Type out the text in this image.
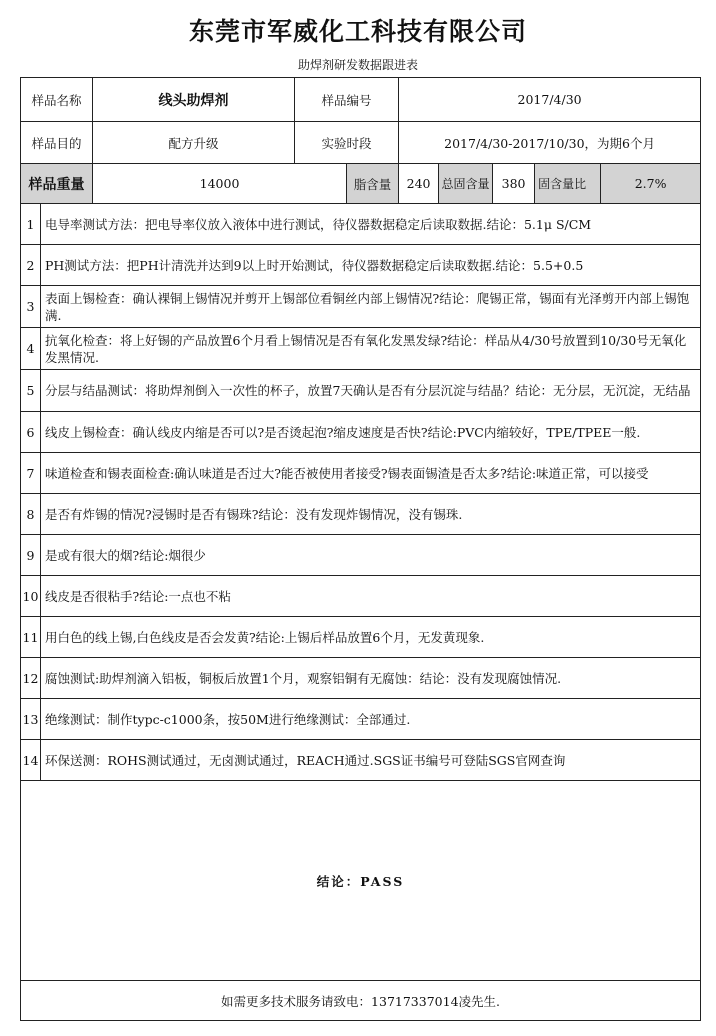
东莞市军威化工科技有限公司
助焊剂研发数据跟进表
样品名称		线头助焊剂	样品编号		2017/4/30				
样品目的		配方升级	实验时段		2017/4/30-2017/10/30，为期6个月				
样品重量		14000		脂含量	240	总固含量	380	固含量比	2.7%
1	电导率测试方法：把电导率仪放入液体中进行测试，待仪器数据稳定后读取数据.结论：5.1μ S/CM								
2	PH测试方法：把PH计清洗并达到9以上时开始测试，待仪器数据稳定后读取数据.结论：5.5+0.5								
3	表面上锡检查：确认裸铜上锡情况并剪开上锡部位看铜丝内部上锡情况?结论：爬锡正常，锡面有光泽剪开内部上锡饱满.								
4	抗氧化检查：将上好锡的产品放置6个月看上锡情况是否有氧化发黑发绿?结论：样品从4/30号放置到10/30号无氧化发黑情况.								
5	分层与结晶测试：将助焊剂倒入一次性的杯子，放置7天确认是否有分层沉淀与结晶？结论：无分层，无沉淀，无结晶								
6	线皮上锡检查：确认线皮内缩是否可以?是否烫起泡?缩皮速度是否快?结论:PVC内缩较好，TPE/TPEE一般.								
7	味道检查和锡表面检查:确认味道是否过大?能否被使用者接受?锡表面锡渣是否太多?结论:味道正常，可以接受								
8	是否有炸锡的情况?浸锡时是否有锡珠?结论：没有发现炸锡情况，没有锡珠.								
9	是或有很大的烟?结论:烟很少								
10	线皮是否很粘手?结论:一点也不粘								
11	用白色的线上锡,白色线皮是否会发黄?结论:上锡后样品放置6个月，无发黄现象.								
12	腐蚀测试:助焊剂滴入铝板，铜板后放置1个月，观察铝铜有无腐蚀：结论：没有发现腐蚀情况.								
13	绝缘测试：制作typc-c1000条，按50M进行绝缘测试：全部通过.								
14	环保送测：ROHS测试通过，无卤测试通过，REACH通过.SGS证书编号可登陆SGS官网查询								
结论：PASS									
如需更多技术服务请致电：13717337014凌先生.									
